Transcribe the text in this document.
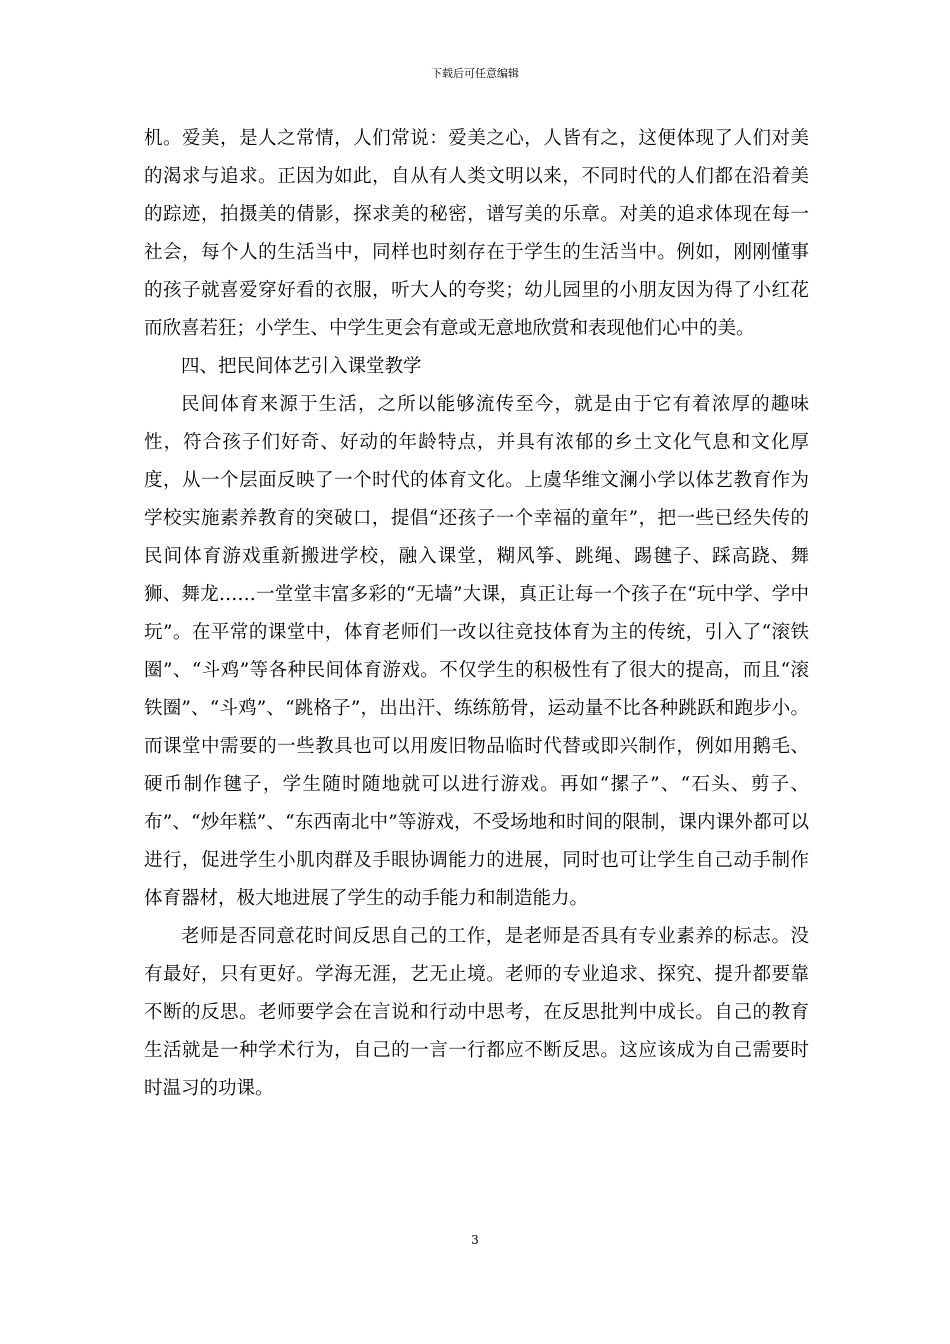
下载后可任意编辑

机。爱美，是人之常情，人们常说：爱美之心，人皆有之，这便体现了人们对美的渴求与追求。正因为如此，自从有人类文明以来，不同时代的人们都在沿着美的踪迹，拍摄美的倩影，探求美的秘密，谱写美的乐章。对美的追求体现在每一社会，每个人的生活当中，同样也时刻存在于学生的生活当中。例如，刚刚懂事的孩子就喜爱穿好看的衣服，听大人的夸奖；幼儿园里的小朋友因为得了小红花而欣喜若狂；小学生、中学生更会有意或无意地欣赏和表现他们心中的美。

四、把民间体艺引入课堂教学

民间体育来源于生活，之所以能够流传至今，就是由于它有着浓厚的趣味性，符合孩子们好奇、好动的年龄特点，并具有浓郁的乡土文化气息和文化厚度，从一个层面反映了一个时代的体育文化。上虞华维文澜小学以体艺教育作为学校实施素养教育的突破口，提倡“还孩子一个幸福的童年”，把一些已经失传的民间体育游戏重新搬进学校，融入课堂，糊风筝、跳绳、踢毽子、踩高跷、舞狮、舞龙……一堂堂丰富多彩的“无墙”大课，真正让每一个孩子在“玩中学、学中玩”。在平常的课堂中，体育老师们一改以往竞技体育为主的传统，引入了“滚铁圈”、“斗鸡”等各种民间体育游戏。不仅学生的积极性有了很大的提高，而且“滚铁圈”、“斗鸡”、“跳格子”，出出汗、练练筋骨，运动量不比各种跳跃和跑步小。而课堂中需要的一些教具也可以用废旧物品临时代替或即兴制作，例如用鹅毛、硬币制作毽子，学生随时随地就可以进行游戏。再如“摞子”、“石头、剪子、布”、“炒年糕”、“东西南北中”等游戏，不受场地和时间的限制，课内课外都可以进行，促进学生小肌肉群及手眼协调能力的进展，同时也可让学生自己动手制作体育器材，极大地进展了学生的动手能力和制造能力。

老师是否同意花时间反思自己的工作，是老师是否具有专业素养的标志。没有最好，只有更好。学海无涯，艺无止境。老师的专业追求、探究、提升都要靠不断的反思。老师要学会在言说和行动中思考，在反思批判中成长。自己的教育生活就是一种学术行为，自己的一言一行都应不断反思。这应该成为自己需要时时温习的功课。

3
